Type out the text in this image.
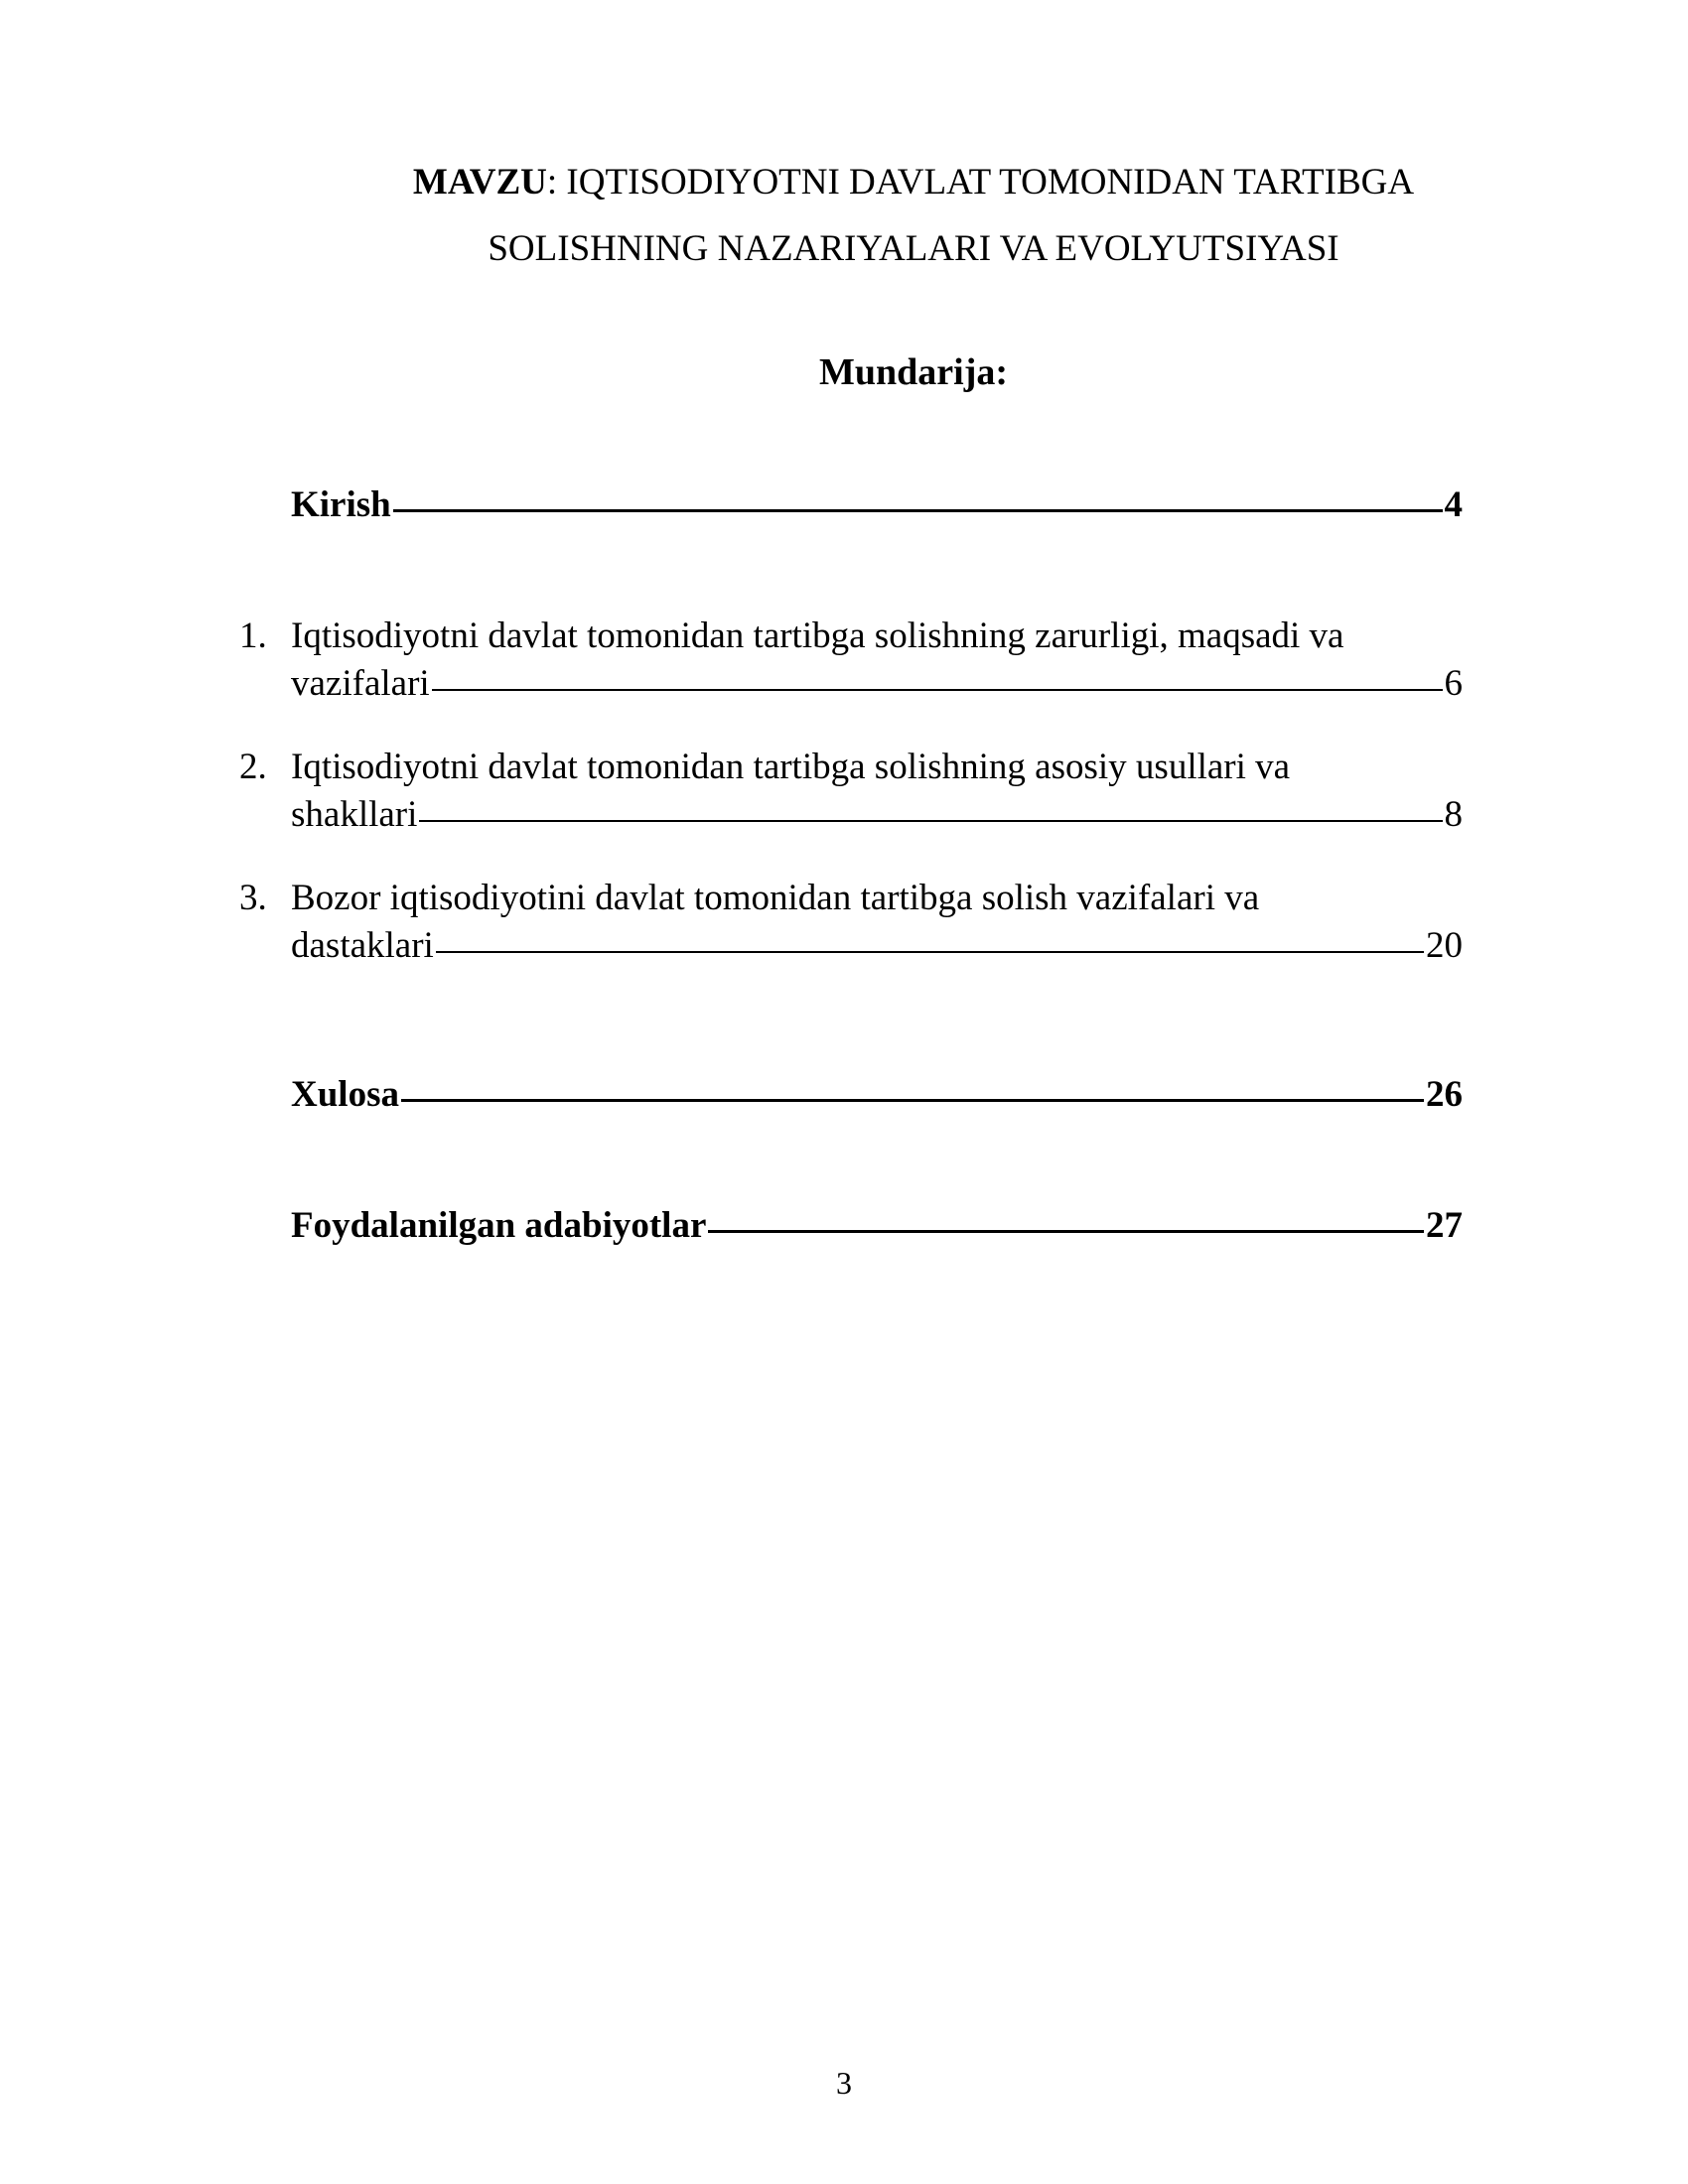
MAVZU: IQTISODIYOTNI DAVLAT TOMONIDAN TARTIBGA
SOLISHNING NAZARIYALARI VA EVOLYUTSIYASI
Mundarija:
Kirish	4
1. Iqtisodiyotni davlat tomonidan tartibga solishning zarurligi, maqsadi va
vazifalari	6
2. Iqtisodiyotni davlat tomonidan tartibga solishning asosiy usullari va
shakllari	8
3. Bozor iqtisodiyotini davlat tomonidan tartibga solish vazifalari va
dastaklari	20
Xulosa	26
Foydalanilgan adabiyotlar	27
3
